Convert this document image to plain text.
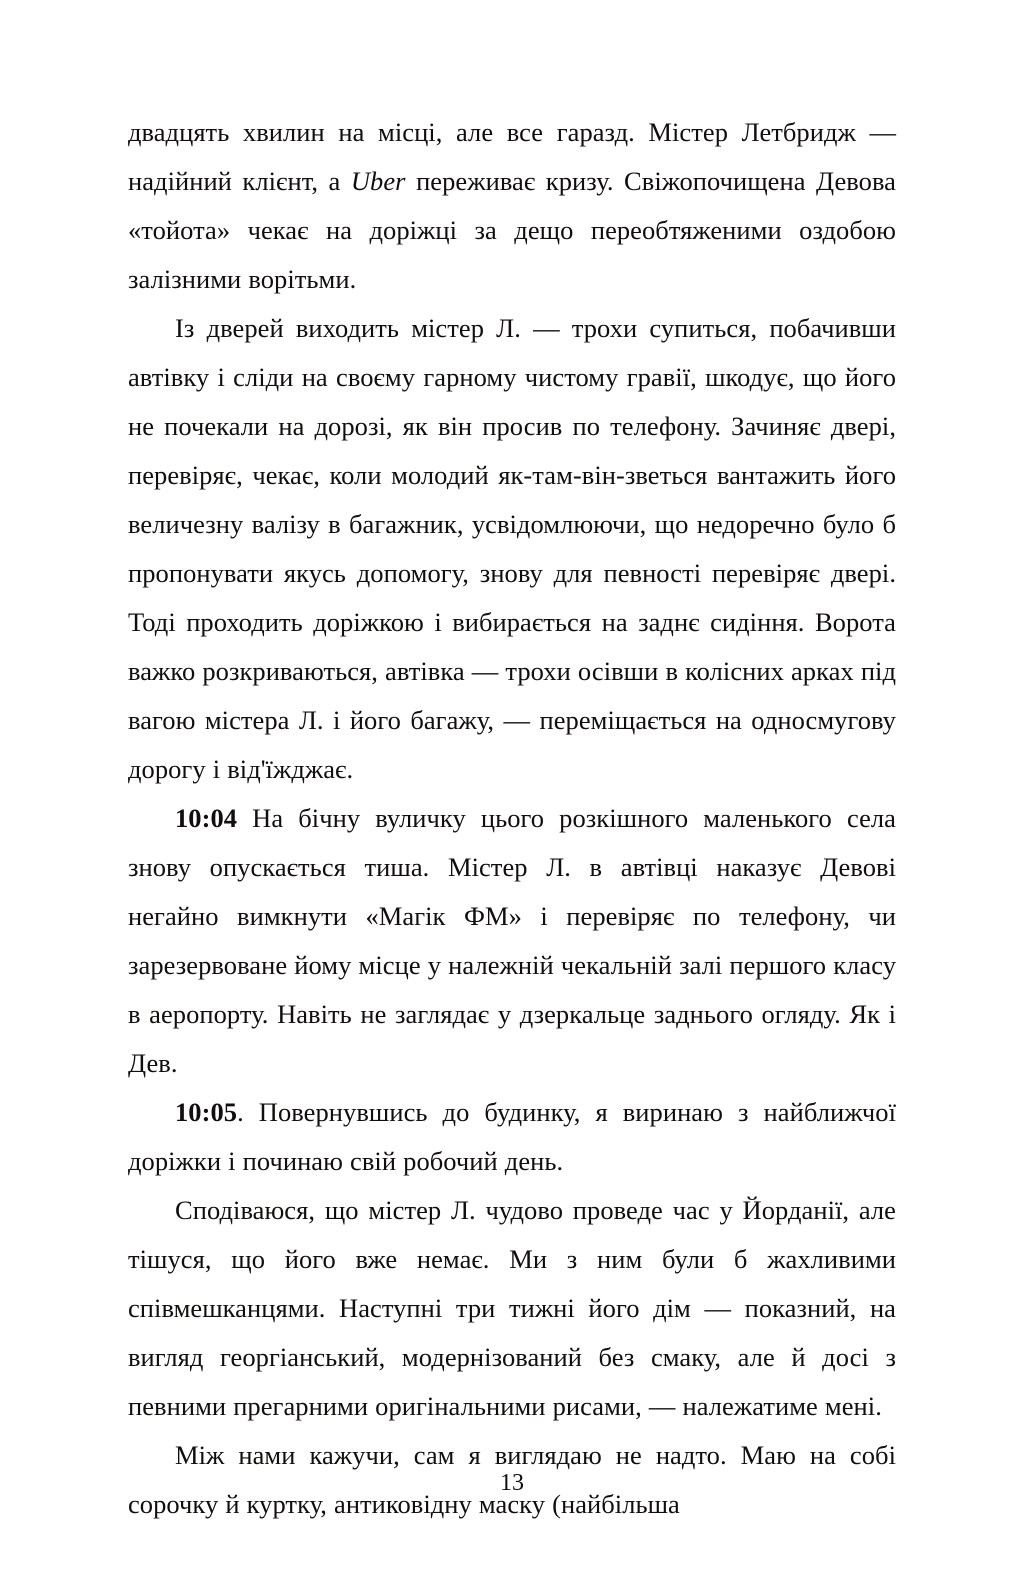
двадцять хвилин на місці, але все гаразд. Містер Летбридж — надійний клієнт, а Uber переживає кризу. Свіжопочищена Девова «тойота» чекає на доріжці за дещо переобтяженими оздобою залізними ворітьми.

Із дверей виходить містер Л. — трохи супиться, побачивши автівку і сліди на своєму гарному чистому гравії, шкодує, що його не почекали на дорозі, як він просив по телефону. Зачиняє двері, перевіряє, чекає, коли молодий як-там-він-зветься вантажить його величезну валізу в багажник, усвідомлюючи, що недоречно було б пропонувати якусь допомогу, знову для певності перевіряє двері. Тоді проходить доріжкою і вибирається на заднє сидіння. Ворота важко розкриваються, автівка — трохи осівши в колісних арках під вагою містера Л. і його багажу, — переміщається на односмугову дорогу і від'їжджає.

10:04 На бічну вуличку цього розкішного маленького села знову опускається тиша. Містер Л. в автівці наказує Девові негайно вимкнути «Магік ФМ» і перевіряє по телефону, чи зарезервоване йому місце у належній чекальній залі першого класу в аеропорту. Навіть не заглядає у дзеркальце заднього огляду. Як і Дев.

10:05. Повернувшись до будинку, я виринаю з найближчої доріжки і починаю свій робочий день.

Сподіваюся, що містер Л. чудово проведе час у Йорданії, але тішуся, що його вже немає. Ми з ним були б жахливими співмешканцями. Наступні три тижні його дім — показний, на вигляд георгіанський, модернізований без смаку, але й досі з певними прегарними оригінальними рисами, — належатиме мені.

Між нами кажучи, сам я виглядаю не надто. Маю на собі сорочку й куртку, антиковідну маску (найбільша

13
